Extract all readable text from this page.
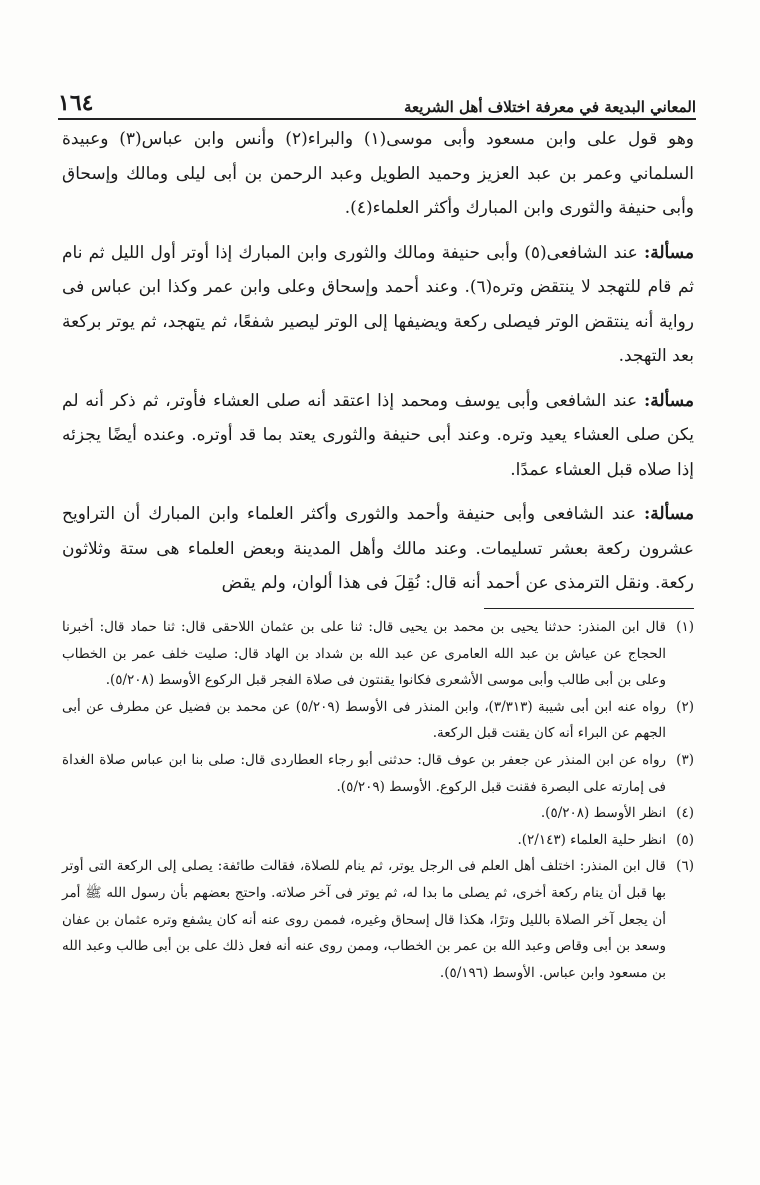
١٦٤	المعاني البديعة في معرفة اختلاف أهل الشريعة

وهو قول على وابن مسعود وأبى موسى(١) والبراء(٢) وأنس وابن عباس(٣) وعبيدة السلماني وعمر بن عبد العزيز وحميد الطويل وعبد الرحمن بن أبى ليلى ومالك وإسحاق وأبى حنيفة والثورى وابن المبارك وأكثر العلماء(٤).

مسألة: عند الشافعى(٥) وأبى حنيفة ومالك والثورى وابن المبارك إذا أوتر أول الليل ثم نام ثم قام للتهجد لا ينتقض وتره(٦). وعند أحمد وإسحاق وعلى وابن عمر وكذا ابن عباس فى رواية أنه ينتقض الوتر فيصلى ركعة ويضيفها إلى الوتر ليصير شفعًا، ثم يتهجد، ثم يوتر بركعة بعد التهجد.

مسألة: عند الشافعى وأبى يوسف ومحمد إذا اعتقد أنه صلى العشاء فأوتر، ثم ذكر أنه لم يكن صلى العشاء يعيد وتره. وعند أبى حنيفة والثورى يعتد بما قد أوتره. وعنده أيضًا يجزئه إذا صلاه قبل العشاء عمدًا.

مسألة: عند الشافعى وأبى حنيفة وأحمد والثورى وأكثر العلماء وابن المبارك أن التراويح عشرون ركعة بعشر تسليمات. وعند مالك وأهل المدينة وبعض العلماء هى ستة وثلاثون ركعة. ونقل الترمذى عن أحمد أنه قال: نُقِلَ فى هذا ألوان، ولم يقض

(١)
قال ابن المنذر: حدثنا يحيى بن محمد بن يحيى قال: ثنا على بن عثمان اللاحقى قال: ثنا حماد قال: أخبرنا الحجاج عن عياش بن عبد الله العامرى عن عبد الله بن شداد بن الهاد قال: صليت خلف عمر بن الخطاب وعلى بن أبى طالب وأبى موسى الأشعرى فكانوا يقنتون فى صلاة الفجر قبل الركوع الأوسط (٥/٢٠٨).

(٢)
رواه عنه ابن أبى شيبة (٣/٣١٣)، وابن المنذر فى الأوسط (٥/٢٠٩) عن محمد بن فضيل عن مطرف عن أبى الجهم عن البراء أنه كان يقنت قبل الركعة.

(٣)
رواه عن ابن المنذر عن جعفر بن عوف قال: حدثنى أبو رجاء العطاردى قال: صلى بنا ابن عباس صلاة الغداة فى إمارته على البصرة فقنت قبل الركوع. الأوسط (٥/٢٠٩).

(٤)
انظر الأوسط (٥/٢٠٨).

(٥)
انظر حلية العلماء (٢/١٤٣).

(٦)
قال ابن المنذر: اختلف أهل العلم فى الرجل يوتر، ثم ينام للصلاة، فقالت طائفة: يصلى إلى الركعة التى أوتر بها قبل أن ينام ركعة أخرى، ثم يصلى ما بدا له، ثم يوتر فى آخر صلاته. واحتج بعضهم بأن رسول الله ﷺ أمر أن يجعل آخر الصلاة بالليل وترًا، هكذا قال إسحاق وغيره، فممن روى عنه أنه كان يشفع وتره عثمان بن عفان وسعد بن أبى وقاص وعبد الله بن عمر بن الخطاب، وممن روى عنه أنه فعل ذلك على بن أبى طالب وعبد الله بن مسعود وابن عباس. الأوسط (٥/١٩٦).
